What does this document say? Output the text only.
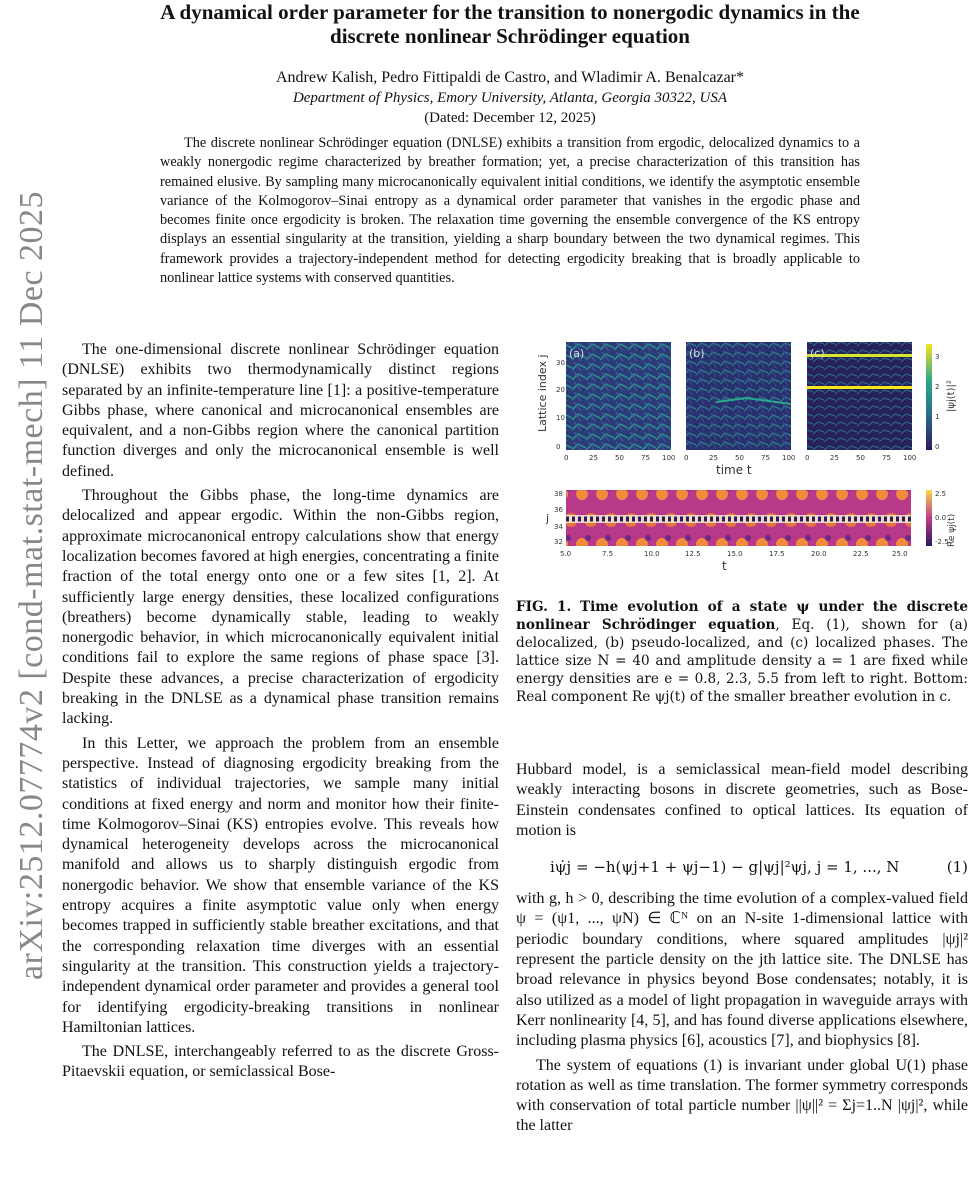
arXiv:2512.07774v2 [cond-mat.stat-mech] 11 Dec 2025
A dynamical order parameter for the transition to nonergodic dynamics in the
discrete nonlinear Schrödinger equation
Andrew Kalish, Pedro Fittipaldi de Castro, and Wladimir A. Benalcazar*
Department of Physics, Emory University, Atlanta, Georgia 30322, USA
(Dated: December 12, 2025)

The discrete nonlinear Schrödinger equation (DNLSE) exhibits a transition from ergodic, delocalized dynamics to a weakly nonergodic regime characterized by breather formation; yet, a precise characterization of this transition has remained elusive. By sampling many microcanonically equivalent initial conditions, we identify the asymptotic ensemble variance of the Kolmogorov–Sinai entropy as a dynamical order parameter that vanishes in the ergodic phase and becomes finite once ergodicity is broken. The relaxation time governing the ensemble convergence of the KS entropy displays an essential singularity at the transition, yielding a sharp boundary between the two dynamical regimes. This framework provides a trajectory-independent method for detecting ergodicity breaking that is broadly applicable to nonlinear lattice systems with conserved quantities.

The one-dimensional discrete nonlinear Schrödinger equation (DNLSE) exhibits two thermodynamically distinct regions separated by an infinite-temperature line [1]: a positive-temperature Gibbs phase, where canonical and microcanonical ensembles are equivalent, and a non-Gibbs region where the canonical partition function diverges and only the microcanonical ensemble is well defined.

Throughout the Gibbs phase, the long-time dynamics are delocalized and appear ergodic. Within the non-Gibbs region, approximate microcanonical entropy calculations show that energy localization becomes favored at high energies, concentrating a finite fraction of the total energy onto one or a few sites [1, 2]. At sufficiently large energy densities, these localized configurations (breathers) become dynamically stable, leading to weakly nonergodic behavior, in which microcanonically equivalent initial conditions fail to explore the same regions of phase space [3]. Despite these advances, a precise characterization of ergodicity breaking in the DNLSE as a dynamical phase transition remains lacking.

In this Letter, we approach the problem from an ensemble perspective. Instead of diagnosing ergodicity breaking from the statistics of individual trajectories, we sample many initial conditions at fixed energy and norm and monitor how their finite-time Kolmogorov–Sinai (KS) entropies evolve. This reveals how dynamical heterogeneity develops across the microcanonical manifold and allows us to sharply distinguish ergodic from nonergodic behavior. We show that ensemble variance of the KS entropy acquires a finite asymptotic value only when energy becomes trapped in sufficiently stable breather excitations, and that the corresponding relaxation time diverges with an essential singularity at the transition. This construction yields a trajectory-independent dynamical order parameter and provides a general tool for identifying ergodicity-breaking transitions in nonlinear Hamiltonian lattices.

The DNLSE, interchangeably referred to as the discrete Gross-Pitaevskii equation, or semiclassical Bose-

(a)	(b)	(c)
0
10
20
30
Lattice index j
0	25 50 75 100 0	25 50 75 100 0	25 50 75 100
time t
0
1
2
3
|ψj(t)|²
32
34
36
38
j
5.0	7.5	10.0	12.5	15.0	17.5	20.0	22.5	25.0
t
2.5
0.0
-2.5
Re ψj(t)

FIG. 1. Time evolution of a state ψ under the discrete nonlinear Schrödinger equation, Eq. (1), shown for (a) delocalized, (b) pseudo-localized, and (c) localized phases. The lattice size N = 40 and amplitude density a = 1 are fixed while energy densities are e = 0.8, 2.3, 5.5 from left to right. Bottom: Real component Re ψj(t) of the smaller breather evolution in c.

Hubbard model, is a semiclassical mean-field model describing weakly interacting bosons in discrete geometries, such as Bose-Einstein condensates confined to optical lattices. Its equation of motion is

iψ̇j = −h(ψj+1 + ψj−1) − g|ψj|²ψj, j = 1, ..., N	(1)

with g, h > 0, describing the time evolution of a complex-valued field ψ = (ψ1, ..., ψN) ∈ ℂᴺ on an N-site 1-dimensional lattice with periodic boundary conditions, where squared amplitudes |ψj|² represent the particle density on the jth lattice site. The DNLSE has broad relevance in physics beyond Bose condensates; notably, it is also utilized as a model of light propagation in waveguide arrays with Kerr nonlinearity [4, 5], and has found diverse applications elsewhere, including plasma physics [6], acoustics [7], and biophysics [8].

The system of equations (1) is invariant under global U(1) phase rotation as well as time translation. The former symmetry corresponds with conservation of total particle number ||ψ||² = Σj=1..N |ψj|², while the latter
